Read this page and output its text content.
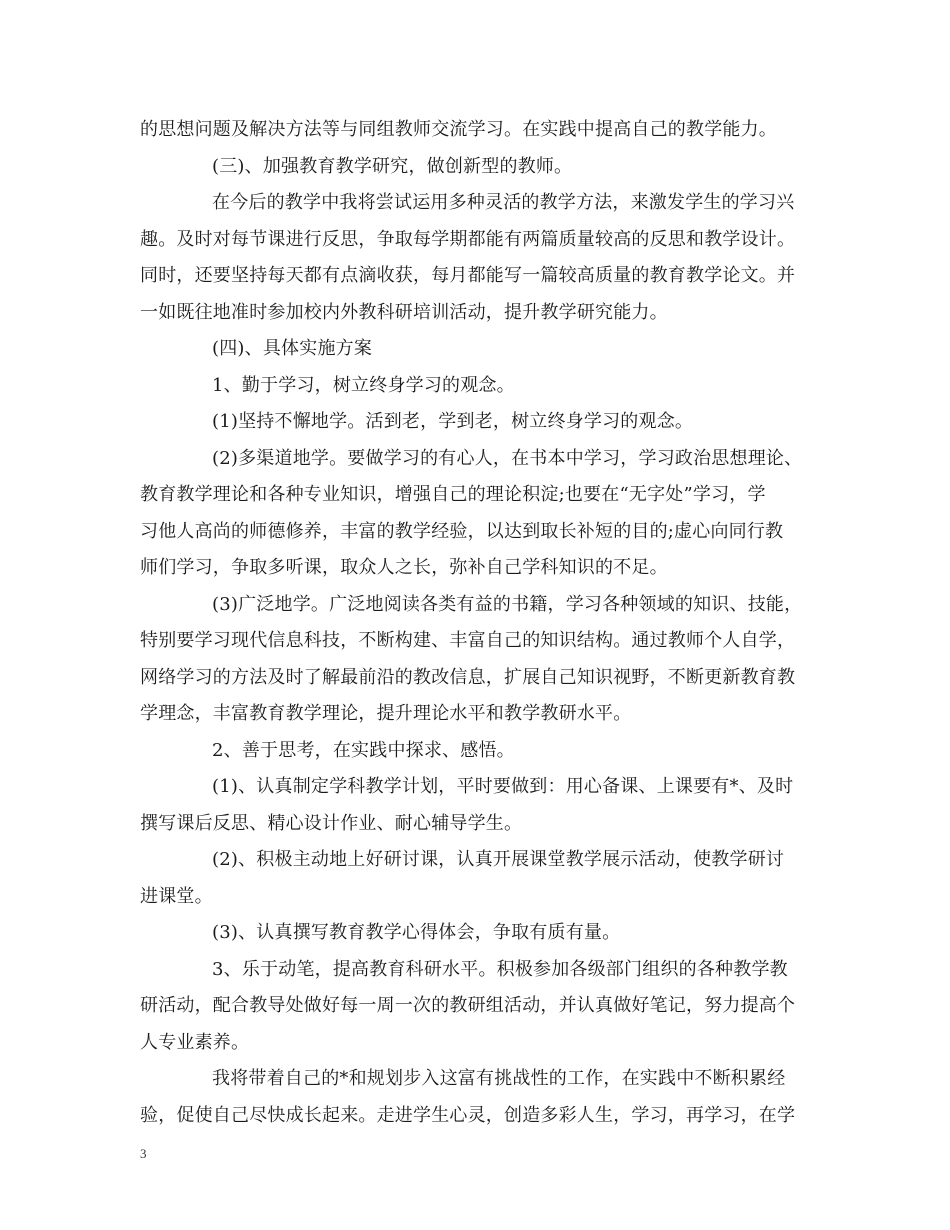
的思想问题及解决方法等与同组教师交流学习。在实践中提高自己的教学能力。
(三)、加强教育教学研究，做创新型的教师。
在今后的教学中我将尝试运用多种灵活的教学方法，来激发学生的学习兴
趣。及时对每节课进行反思，争取每学期都能有两篇质量较高的反思和教学设计。
同时，还要坚持每天都有点滴收获，每月都能写一篇较高质量的教育教学论文。并
一如既往地准时参加校内外教科研培训活动，提升教学研究能力。
(四)、具体实施方案
1、勤于学习，树立终身学习的观念。
(1)坚持不懈地学。活到老，学到老，树立终身学习的观念。
(2)多渠道地学。要做学习的有心人，在书本中学习，学习政治思想理论、
教育教学理论和各种专业知识，增强自己的理论积淀;也要在“无字处”学习，学
习他人高尚的师德修养，丰富的教学经验，以达到取长补短的目的;虚心向同行教
师们学习，争取多听课，取众人之长，弥补自己学科知识的不足。
(3)广泛地学。广泛地阅读各类有益的书籍，学习各种领域的知识、技能，
特别要学习现代信息科技，不断构建、丰富自己的知识结构。通过教师个人自学，
网络学习的方法及时了解最前沿的教改信息，扩展自己知识视野，不断更新教育教
学理念，丰富教育教学理论，提升理论水平和教学教研水平。
2、善于思考，在实践中探求、感悟。
(1)、认真制定学科教学计划，平时要做到：用心备课、上课要有*、及时
撰写课后反思、精心设计作业、耐心辅导学生。
(2)、积极主动地上好研讨课，认真开展课堂教学展示活动，使教学研讨
进课堂。
(3)、认真撰写教育教学心得体会，争取有质有量。
3、乐于动笔，提高教育科研水平。积极参加各级部门组织的各种教学教
研活动，配合教导处做好每一周一次的教研组活动，并认真做好笔记，努力提高个
人专业素养。
我将带着自己的*和规划步入这富有挑战性的工作，在实践中不断积累经
验，促使自己尽快成长起来。走进学生心灵，创造多彩人生，学习，再学习，在学
3
